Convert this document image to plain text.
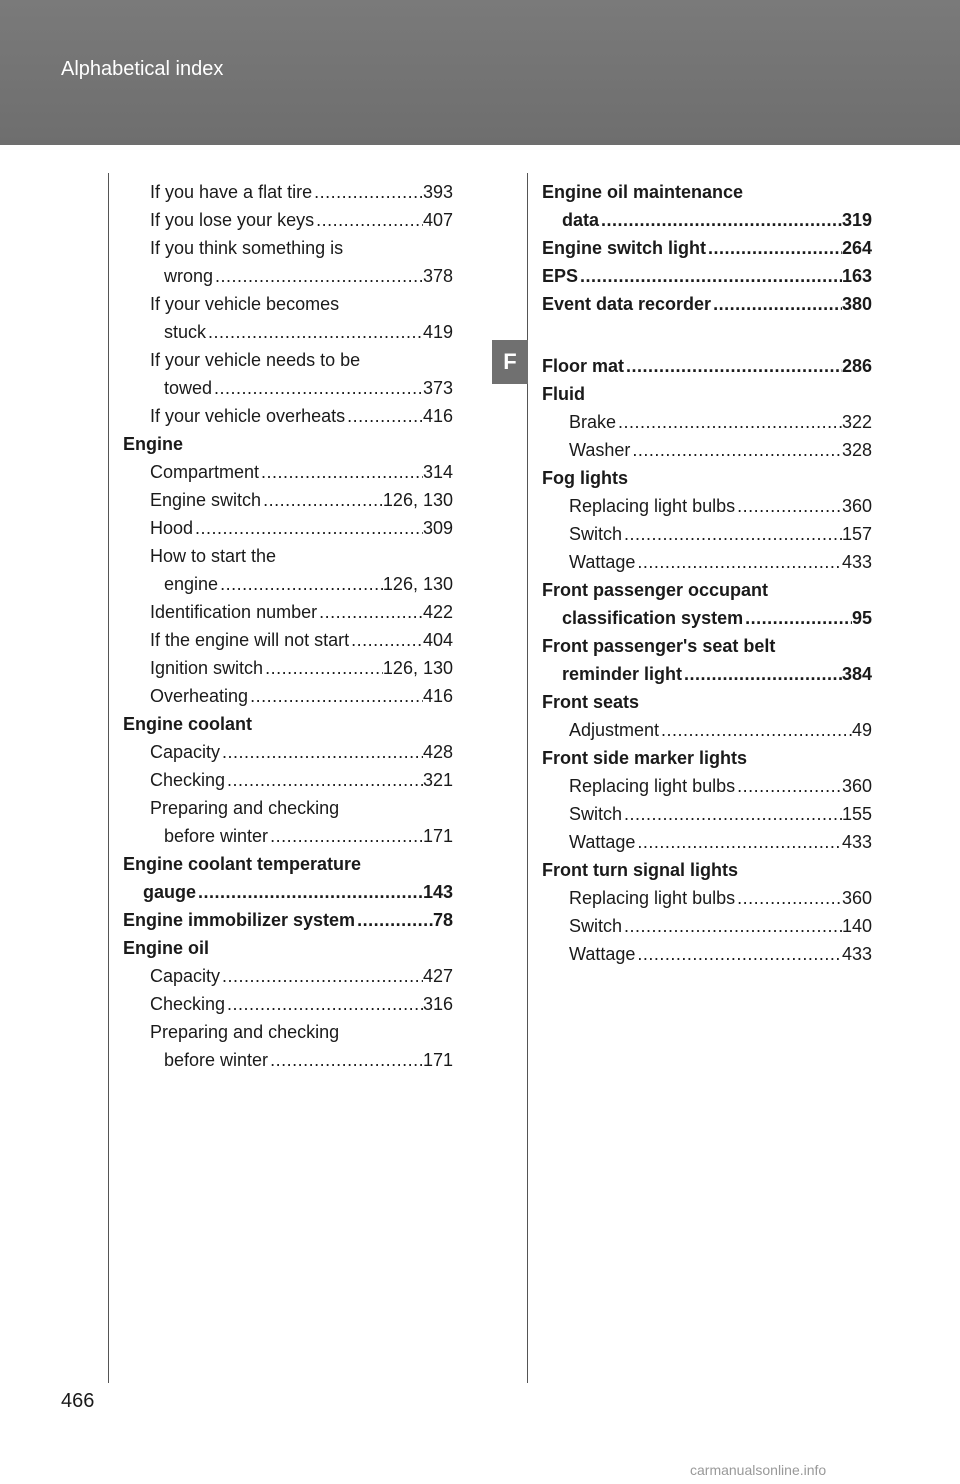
Alphabetical index
F
If you have a flat tire .....	393
If you lose your keys .....	407
If you think something is
wrong .....	378
If your vehicle becomes
stuck .....	419
If your vehicle needs to be
towed .....	373
If your vehicle overheats .....	416
Engine
Compartment .....	314
Engine switch .....	126, 130
Hood .....	309
How to start the
engine .....	126, 130
Identification number .....	422
If the engine will not start .....	404
Ignition switch .....	126, 130
Overheating .....	416
Engine coolant
Capacity .....	428
Checking .....	321
Preparing and checking
before winter .....	171
Engine coolant temperature
gauge .....	143
Engine immobilizer system .....	78
Engine oil
Capacity .....	427
Checking .....	316
Preparing and checking
before winter .....	171
Engine oil maintenance
data .....	319
Engine switch light .....	264
EPS .....	163
Event data recorder .....	380
Floor mat .....	286
Fluid
Brake .....	322
Washer .....	328
Fog lights
Replacing light bulbs .....	360
Switch .....	157
Wattage .....	433
Front passenger occupant
classification system .....	95
Front passenger's seat belt
reminder light .....	384
Front seats
Adjustment .....	49
Front side marker lights
Replacing light bulbs .....	360
Switch .....	155
Wattage .....	433
Front turn signal lights
Replacing light bulbs .....	360
Switch .....	140
Wattage .....	433
466
carmanualsonline.info
